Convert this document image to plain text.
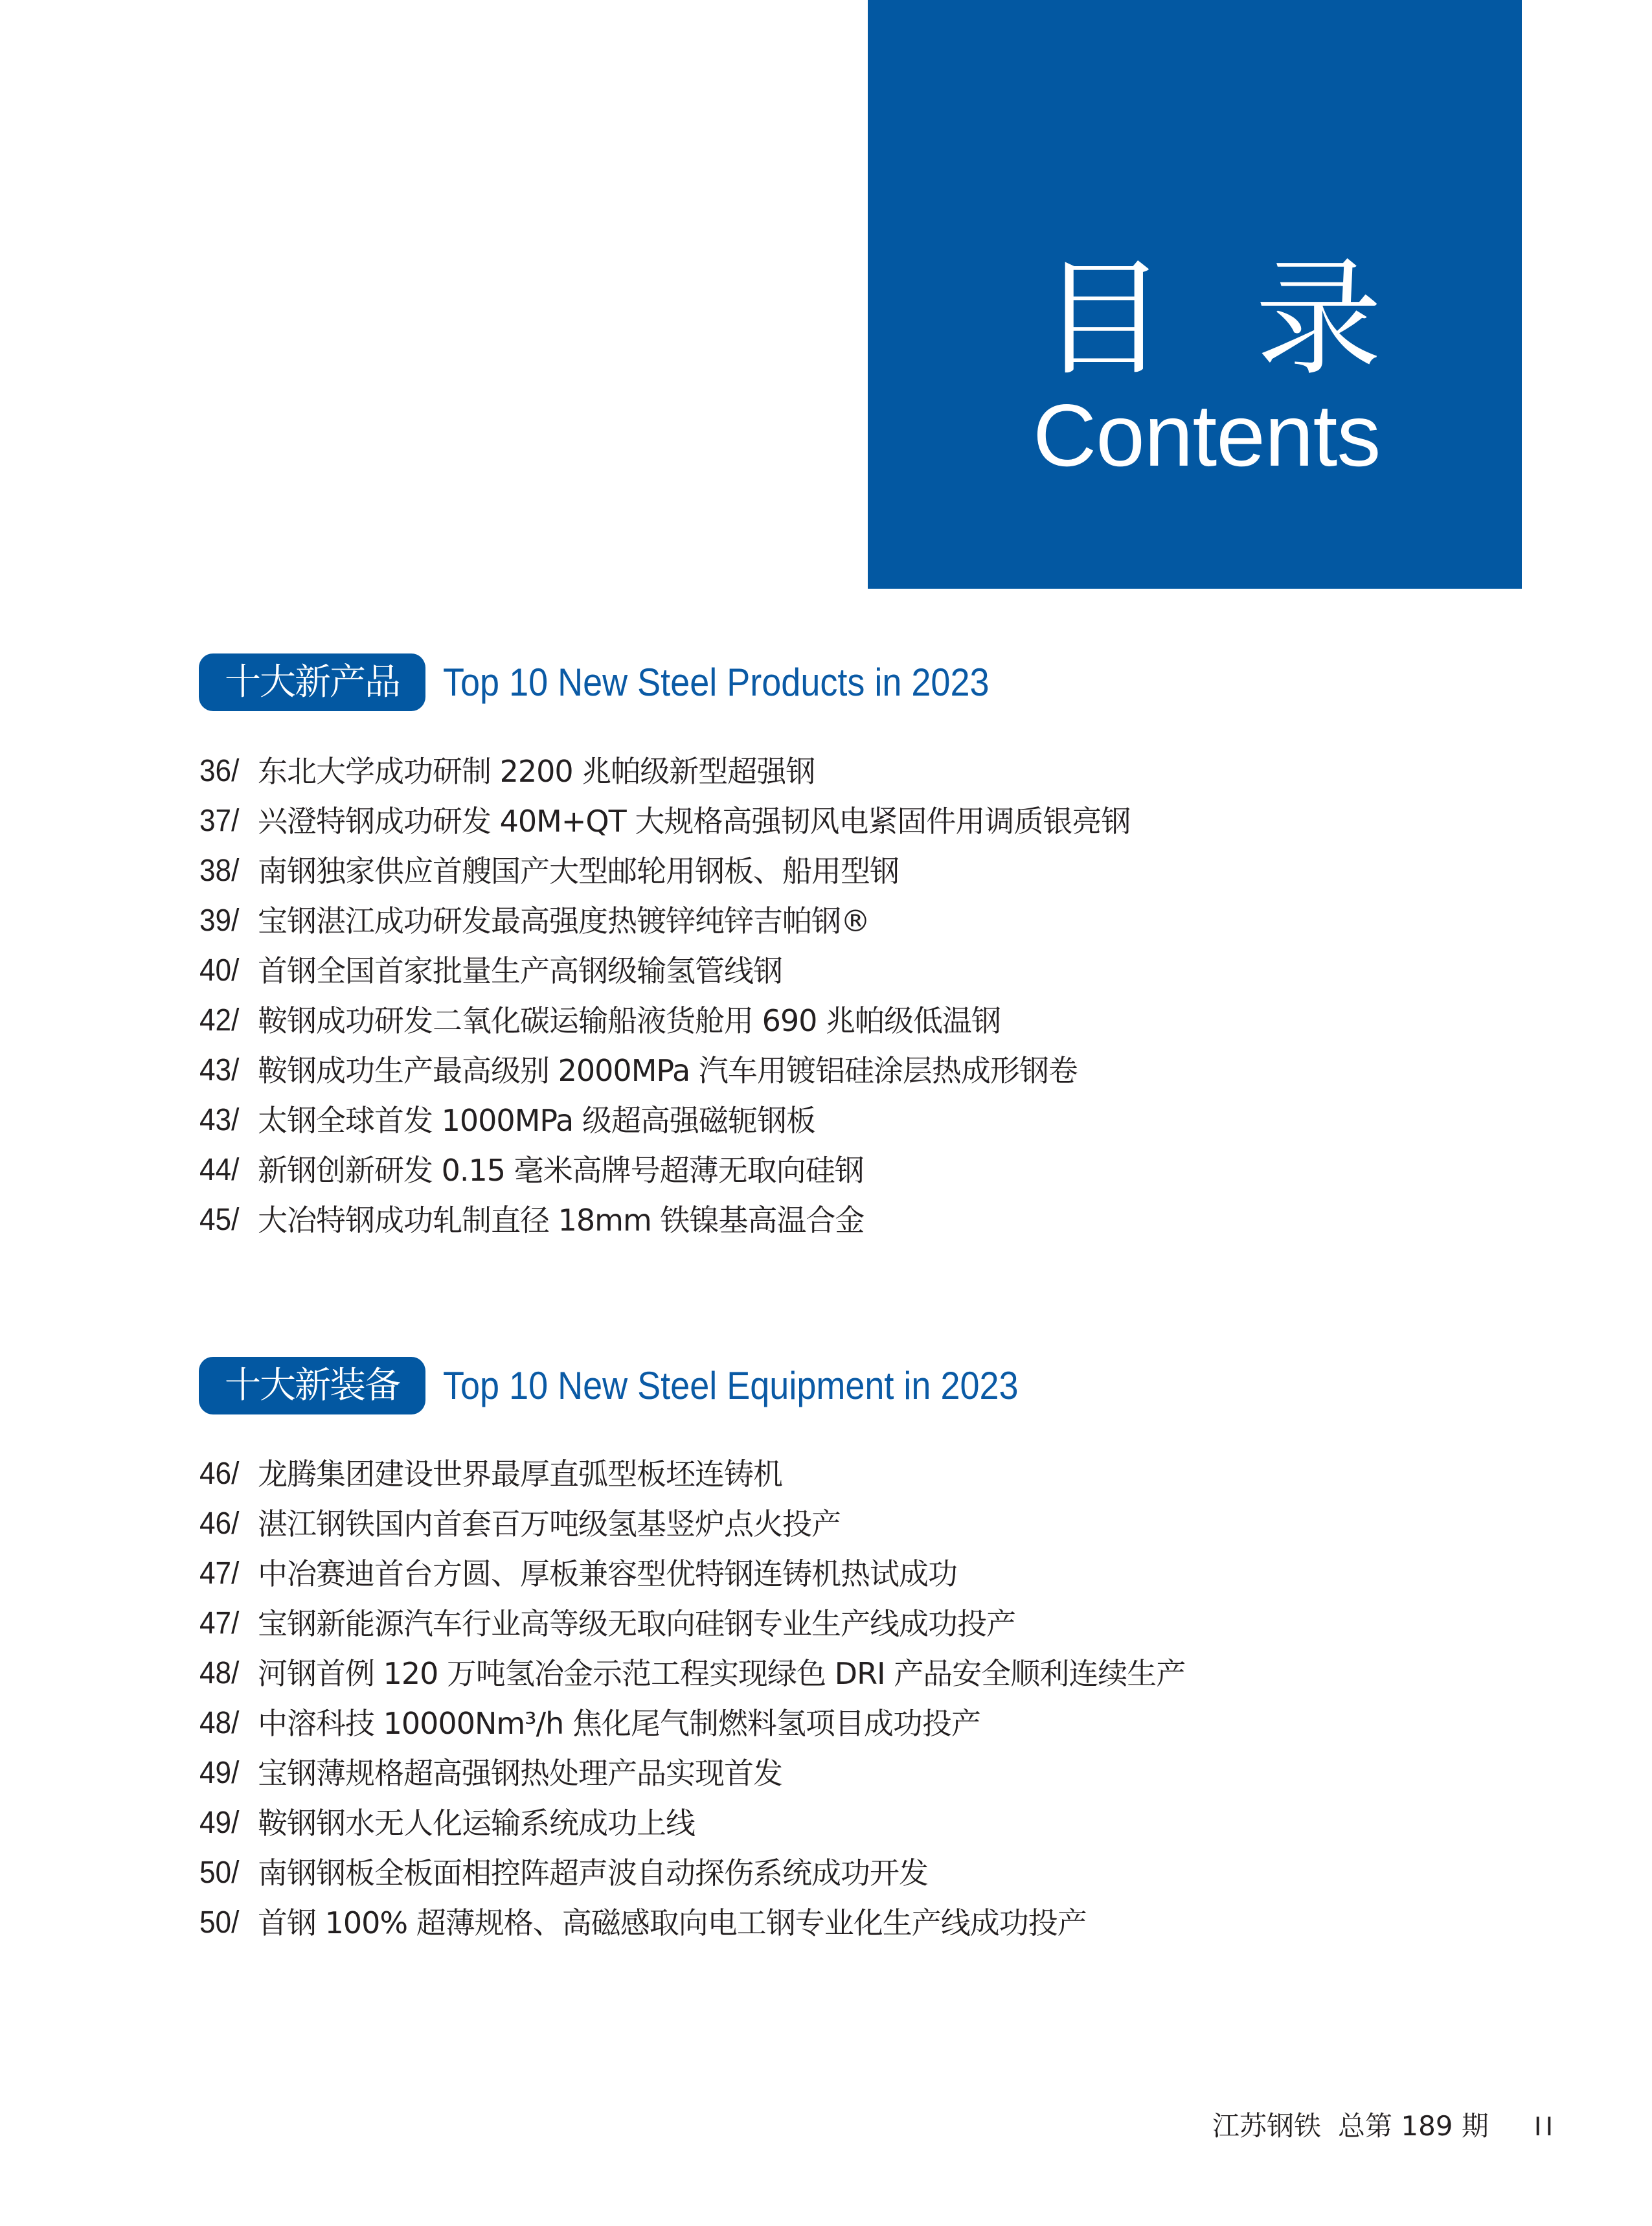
目 录
Contents
十大新产品	Top 10 New Steel Products in 2023
36/ 东北大学成功研制 2200 兆帕级新型超强钢
37/ 兴澄特钢成功研发 40M+QT 大规格高强韧风电紧固件用调质银亮钢
38/ 南钢独家供应首艘国产大型邮轮用钢板、船用型钢
39/ 宝钢湛江成功研发最高强度热镀锌纯锌吉帕钢®
40/ 首钢全国首家批量生产高钢级输氢管线钢
42/ 鞍钢成功研发二氧化碳运输船液货舱用 690 兆帕级低温钢
43/ 鞍钢成功生产最高级别 2000MPa 汽车用镀铝硅涂层热成形钢卷
43/ 太钢全球首发 1000MPa 级超高强磁轭钢板
44/ 新钢创新研发 0.15 毫米高牌号超薄无取向硅钢
45/ 大冶特钢成功轧制直径 18mm 铁镍基高温合金
十大新装备	Top 10 New Steel Equipment in 2023
46/ 龙腾集团建设世界最厚直弧型板坯连铸机
46/ 湛江钢铁国内首套百万吨级氢基竖炉点火投产
47/ 中冶赛迪首台方圆、厚板兼容型优特钢连铸机热试成功
47/ 宝钢新能源汽车行业高等级无取向硅钢专业生产线成功投产
48/ 河钢首例 120 万吨氢冶金示范工程实现绿色 DRI 产品安全顺利连续生产
48/ 中溶科技 10000Nm³/h 焦化尾气制燃料氢项目成功投产
49/ 宝钢薄规格超高强钢热处理产品实现首发
49/ 鞍钢钢水无人化运输系统成功上线
50/ 南钢钢板全板面相控阵超声波自动探伤系统成功开发
50/ 首钢 100% 超薄规格、高磁感取向电工钢专业化生产线成功投产
江苏钢铁 总第 189 期 II
